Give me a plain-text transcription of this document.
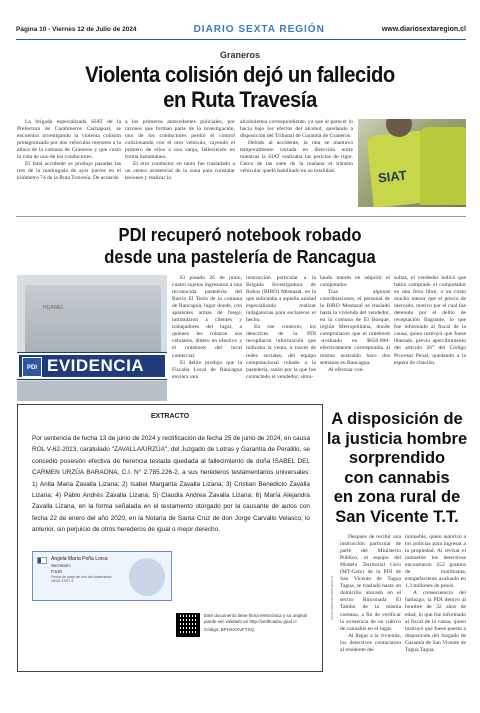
Página 10 - Viernes 12 de Julio de 2024	DIARIO SEXTA REGIÓN	www.diariosextaregion.cl
Graneros
Violenta colisión dejó un fallecido
en Ruta Travesía

La brigada especializada SIAT de la Prefectura de Carabineros Cachapoal, se encuentra investigando la violenta colisión protagonizada por dos vehículos menores a la altura de la comuna de Graneros y que costó la vida de uno de los conductores.

El fatal accidente se produjo pasadas las tres de la madrugada de ayer jueves en el kilómetro 74 de la Ruta Travesía. De acuerdo

a los primeros antecedentes policiales, por razones que forman parte de la investigación, uno de los conductores perdió el control colisionando con el otro vehículo, cayendo el primero de ellos a una zanja, falleciendo en forma instantánea.

El otro conductor en tanto fue trasladado a un centro asistencial de la zona para constatar lesiones y realizar la

alcoholemia correspondiente, ya que al parecer lo hacía bajo los efectos del alcohol, quedando a disposición del Tribunal de Garantía de Graneros.

Debido al accidente, la ruta se mantuvo temporalmente cortada en dirección norte mientras la SIAT realizaba las pericias de rigor. Cerca de las siete de la mañana el tránsito vehicular quedó habilitado en su totalidad.	SIAT
PDI recuperó notebook robado
desde una pastelería de Rancagua
HUAWEI
PDI EVIDENCIA

El pasado 26 de junio, cuatro sujetos ingresaron a una reconocida pastelería del Barrio El Tenis de la comuna de Rancagua, lugar donde, con aparentes armas de fuego, intimidaron a clientes y trabajadores del lugar, a quienes les robaron sus celulares, dinero en efectivo y el notebook del local comercial.

El delito produjo que la Fiscalía Local de Rancagua enviara una

instrucción particular a la Brigada Investigadora de Robos (BIRO) Mostazal, en la que solicitaba a aquella unidad especializada realizar indagatorias para esclarecer el hecho.

En ese contexto, los detectives de la PDI recopilaron información que indicaba la venta, a través de redes sociales, del equipo computacional robado a la pastelería, razón por la que fue contactado el vendedor, simu-

lando interés en adquirir el computador.

Tras algunas coordinaciones, el personal de la BIRO Mostazal se trasladó hasta la vivienda del vendedor, en la comuna de El Bosque, región Metropolitana, donde comprobaron que el notebook -avaluado en $650.000- efectivamente correspondía al mismo sustraído hace dos semanas en Rancagua.

Al efectuar con-

sultas, el vendedor indicó que había comprado el computador en una feria libre, a un costo mucho menor que el precio de mercado, motivo por el cual fue detenido por el delito de receptación flagrante, lo que fue informado al fiscal de la causa, quien instruyó que fuese liberado, previo apercibimiento del artículo 26° del Código Procesal Penal, quedando a la espera de citación.

EXTRACTO
Por sentencia de fecha 13 de junio de 2024 y rectificación de fecha 25 de junio de 2024, en causa ROL V-62-2023, caratulado "ZAVALLA/URZÚA", del Juzgado de Letras y Garantía de Peralillo, se concedió posesión efectiva de herencia testada quedada al fallecimiento de doña ISABEL DEL CARMEN URZÚA BARAONA, C.I. N° 2.785.226-2, a sus herederos testamentarios universales: 1) Anita Maria Zavalla Lizana; 2) Isabel Margarita Zavalla Lizana; 3) Cristian Benedicto Zavalla Lizana; 4) Pablo Andrés Zavalla Lizana; 5) Claudia Andrea Zavalla Lizana; 6) María Alejandra Zavalla Lizana, en la forma señalada en el testamento otorgado por la causante de autos con fecha 22 de enero del año 2020, en la Notaría de Santa Cruz de don Jorge Carvallo Velasco; lo anterior, sin perjuicio de otros herederos de igual o mejor derecho.
Angela María Peña Lorca
Secretario
PJUD
Fecha de pago de otro del sostenedor 16/03-17/07-4
Este documento tiene firma electrónica y su original puede ser validado en http://verificadoc.pjud.cl
Código: BPHXXXVFTSQ
A disposición de
la justicia hombre
sorprendido
con cannabis
en zona rural de
San Vicente T.T.
www.diariosextaregion.cl

Después de recibir una instrucción particular de parte del Ministerio Público, el equipo del Modelo Territorial Cero (MT-Cero) de la PDI de San Vicente de Tagua Tagua, se trasladó hasta un domicilio ubicado en el sector Rinconada El Tambo de la misma comuna, a fin de verificar la existencia de un cultivo de cannabis en el lugar.

Al llegar a la vivienda, los detectives contactaron al residente del

inmueble, quien autorizó a los policías para ingresar a la propiedad. Al revisar el inmueble los detectives encontraron 252 gramos de marihuana, estupefaciente avaluado en 1,2 millones de pesos.

A consecuencia del hallazgo, la PDI detuvo al hombre de 32 años de edad, lo que fue informado al fiscal de la causa, quien instruyó que fuese puesto a disposición del Juzgado de Garantía de San Vicente de Tagua Tagua.
